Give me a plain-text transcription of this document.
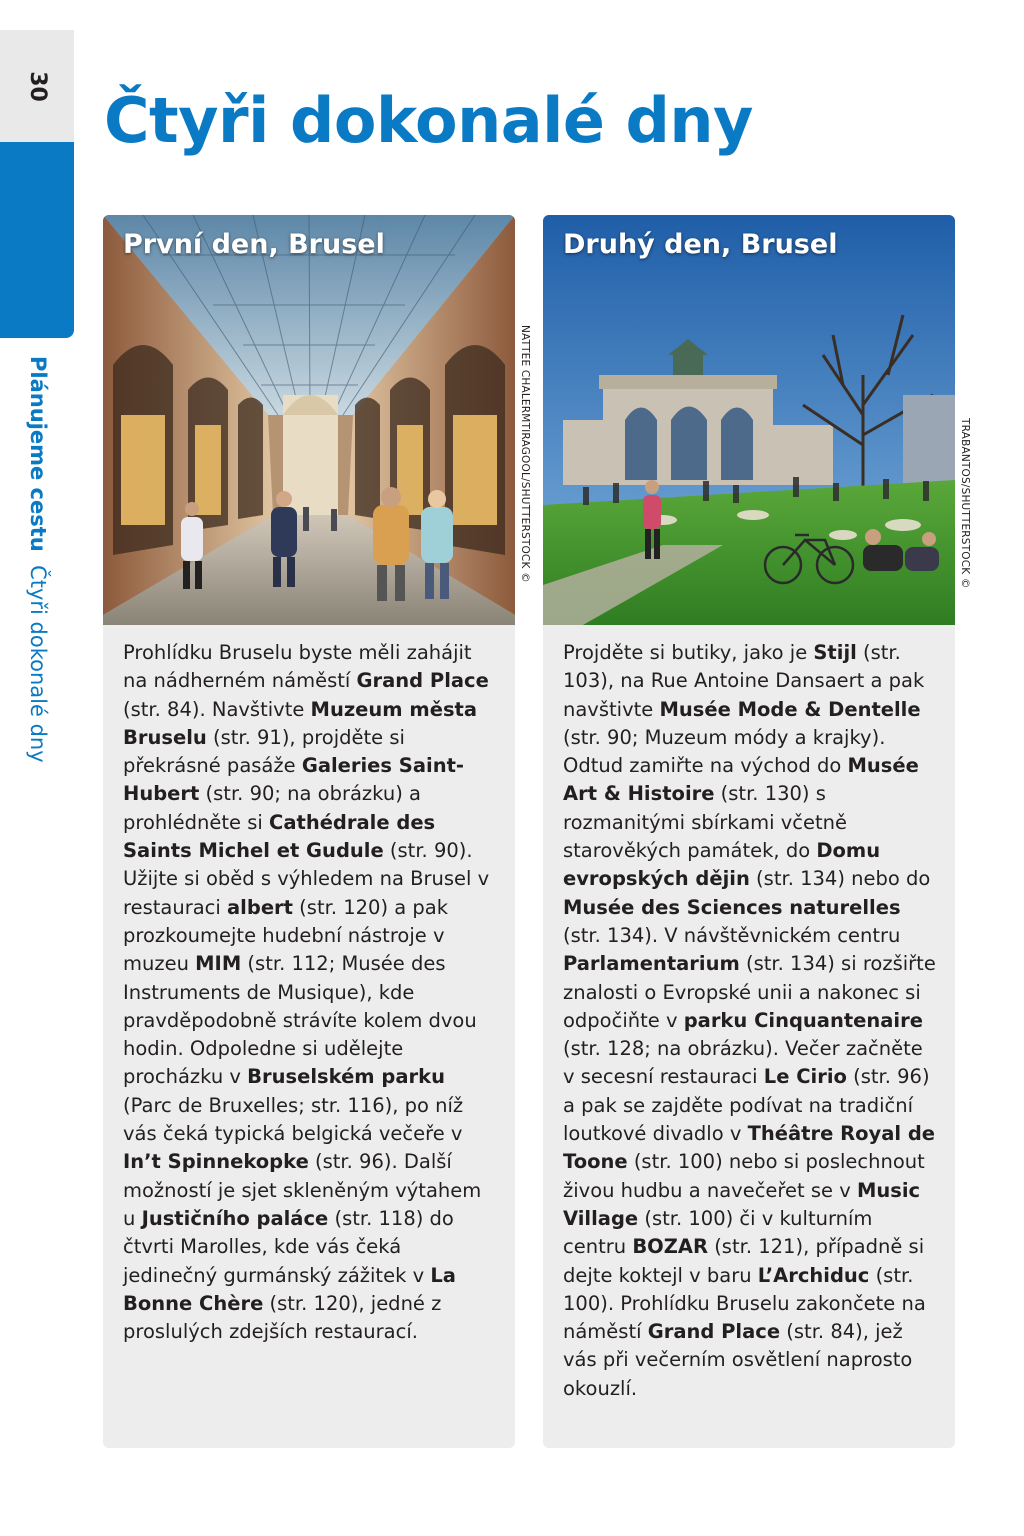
30
Plánujeme cestu  Čtyři dokonalé dny
Čtyři dokonalé dny
První den, Brusel
Prohlídku Bruselu byste měli zahájit na nádherném náměstí Grand Place (str. 84). Navštivte Muzeum města Bruselu (str. 91), projděte si překrásné pasáže Galeries Saint-Hubert (str. 90; na obrázku) a prohlédněte si Cathédrale des Saints Michel et Gudule (str. 90). Užijte si oběd s výhledem na Brusel v restauraci albert (str. 120) a pak prozkoumejte hudební nástroje v muzeu MIM (str. 112; Musée des Instruments de Musique), kde pravděpodobně strávíte kolem dvou hodin. Odpoledne si udělejte procházku v Bruselském parku (Parc de Bruxelles; str. 116), po níž vás čeká typická belgická večeře v In’t Spinnekopke (str. 96). Další možností je sjet skleněným výtahem u Justičního paláce (str. 118) do čtvrti Marolles, kde vás čeká jedinečný gurmánský zážitek v La Bonne Chère (str. 120), jedné z proslulých zdejších restaurací.
NATTEE CHALERMTIRAGOOL/SHUTTERSTOCK ©
Druhý den, Brusel
Projděte si butiky, jako je Stijl (str. 103), na Rue Antoine Dansaert a pak navštivte Musée Mode & Dentelle (str. 90; Muzeum módy a krajky). Odtud zamiřte na východ do Musée Art & Histoire (str. 130) s rozmanitými sbírkami včetně starověkých památek, do Domu evropských dějin (str. 134) nebo do Musée des Sciences naturelles (str. 134). V návštěvnickém centru Parlamentarium (str. 134) si rozšiřte znalosti o Evropské unii a nakonec si odpočiňte v parku Cinquantenaire (str. 128; na obrázku). Večer začněte v secesní restauraci Le Cirio (str. 96) a pak se zajděte podívat na tradiční loutkové divadlo v Théâtre Royal de Toone (str. 100) nebo si poslechnout živou hudbu a navečeřet se v Music Village (str. 100) či v kulturním centru BOZAR (str. 121), případně si dejte koktejl v baru L’Archiduc (str. 100). Prohlídku Bruselu zakončete na náměstí Grand Place (str. 84), jež vás při večerním osvětlení naprosto okouzlí.
TRABANTOS/SHUTTERSTOCK ©
